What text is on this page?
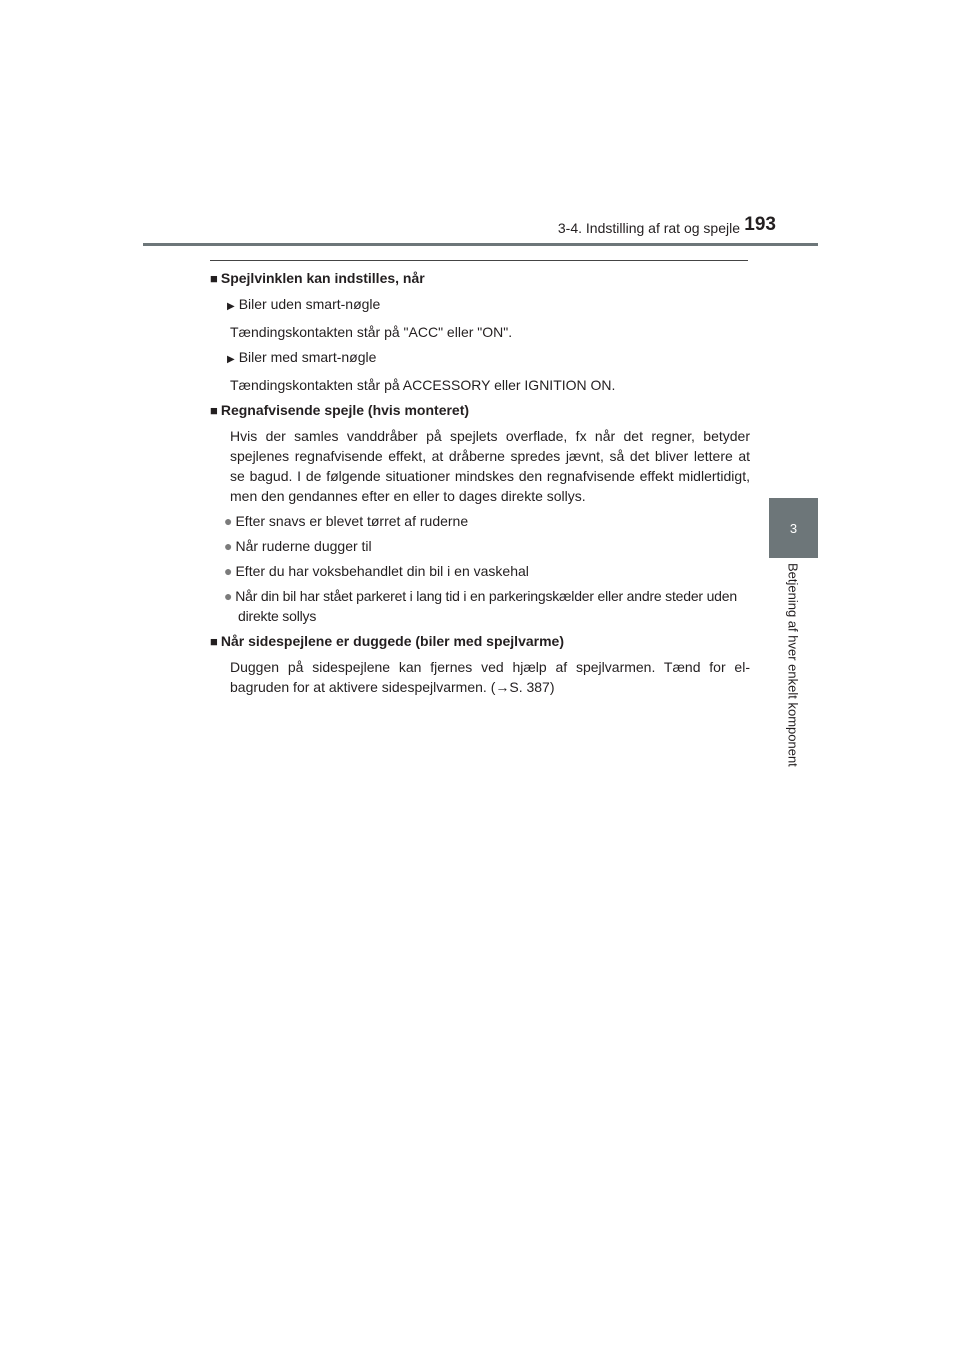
3-4. Indstilling af rat og spejle 193
3
Betjening af hver enkelt komponent
■ Spejlvinklen kan indstilles, når
▶ Biler uden smart-nøgle
Tændingskontakten står på "ACC" eller "ON".
▶ Biler med smart-nøgle
Tændingskontakten står på ACCESSORY eller IGNITION ON.
■ Regnafvisende spejle (hvis monteret)
Hvis der samles vanddråber på spejlets overflade, fx når det regner, betyder spejlenes regnafvisende effekt, at dråberne spredes jævnt, så det bliver lettere at se bagud. I de følgende situationer mindskes den regnafvisende effekt midlertidigt, men den gendannes efter en eller to dages direkte sollys.
● Efter snavs er blevet tørret af ruderne
● Når ruderne dugger til
● Efter du har voksbehandlet din bil i en vaskehal
● Når din bil har stået parkeret i lang tid i en parkeringskælder eller andre steder uden direkte sollys
■ Når sidespejlene er duggede (biler med spejlvarme)
Duggen på sidespejlene kan fjernes ved hjælp af spejlvarmen. Tænd for el-bagruden for at aktivere sidespejlvarmen. (→S. 387)
